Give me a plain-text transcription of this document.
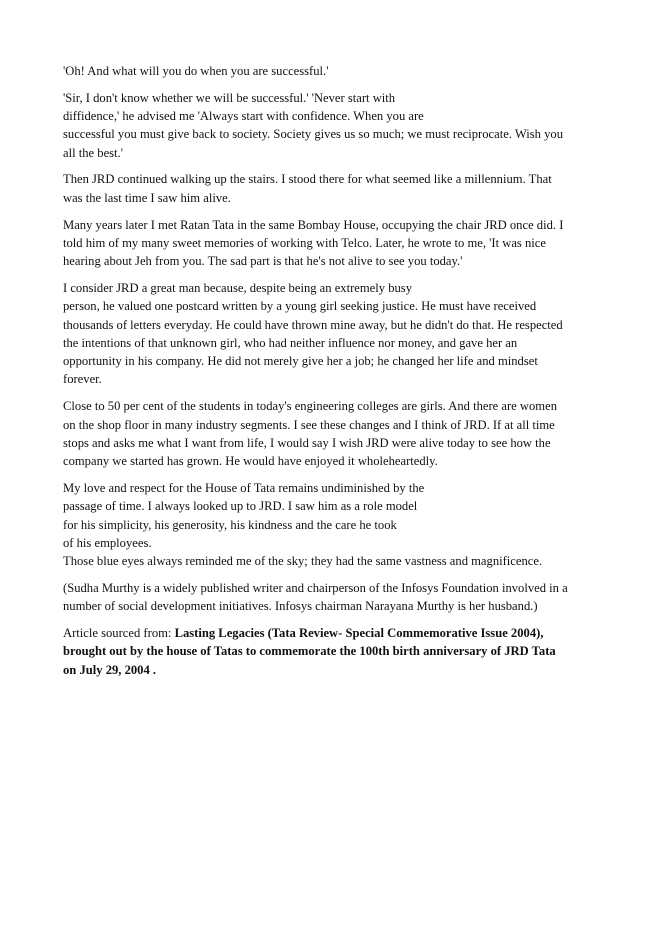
'Oh! And what will you do when you are successful.'

'Sir, I don't know whether we will be successful.' 'Never start with
diffidence,' he advised me 'Always start with confidence. When you are
successful you must give back to society. Society gives us so much; we must reciprocate. Wish you
all the best.'

Then JRD continued walking up the stairs. I stood there for what seemed like a millennium. That
was the last time I saw him alive.

Many years later I met Ratan Tata in the same Bombay House, occupying the chair JRD once did. I
told him of my many sweet memories of working with Telco. Later, he wrote to me, 'It was nice
hearing about Jeh from you. The sad part is that he's not alive to see you today.'

I consider JRD a great man because, despite being an extremely busy
person, he valued one postcard written by a young girl seeking justice. He must have received
thousands of letters everyday. He could have thrown mine away, but he didn't do that. He respected
the intentions of that unknown girl, who had neither influence nor money, and gave her an
opportunity in his company. He did not merely give her a job; he changed her life and mindset
forever.

Close to 50 per cent of the students in today's engineering colleges are girls. And there are women
on the shop floor in many industry segments. I see these changes and I think of JRD. If at all time
stops and asks me what I want from life, I would say I wish JRD were alive today to see how the
company we started has grown. He would have enjoyed it wholeheartedly.

My love and respect for the House of Tata remains undiminished by the
passage of time. I always looked up to JRD. I saw him as a role model
for his simplicity, his generosity, his kindness and the care he took
of his employees.
Those blue eyes always reminded me of the sky; they had the same vastness and magnificence.

(Sudha Murthy is a widely published writer and chairperson of the Infosys Foundation involved in a
number of social development initiatives. Infosys chairman Narayana Murthy is her husband.)

Article sourced from: Lasting Legacies (Tata Review- Special Commemorative Issue 2004),
brought out by the house of Tatas to commemorate the 100th birth anniversary of JRD Tata
on July 29, 2004 .
